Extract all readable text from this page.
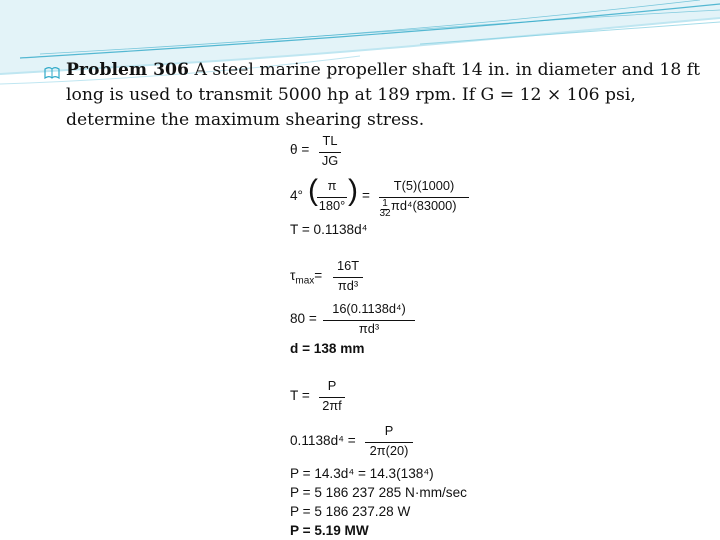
Problem 306 A steel marine propeller shaft 14 in. in diameter and 18 ft
long is used to transmit 5000 hp at 189 rpm. If G = 12 × 106 psi,
determine the maximum shearing stress.
θ =
TL
JG
4° ( π
180° ) =
T(5)(1000)
1
32
πd⁴(83000)
T = 0.1138d⁴
$\tau_{max}=$
16T
πd³
80 =
16(0.1138d⁴)
πd³
d = 138 mm
T =
P
2πf
0.1138d⁴ =
P
2π(20)
P = 14.3d⁴ = 14.3(138⁴)
P = 5 186 237 285 N·mm/sec
P = 5 186 237.28 W
P = 5.19 MW
